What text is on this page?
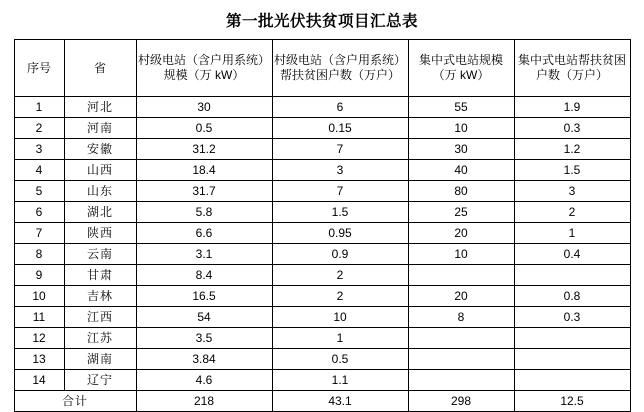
第一批光伏扶贫项目汇总表
序号	省	村级电站（含户用系统）规模（万 kW）	村级电站（含户用系统）帮扶贫困户数（万户）	集中式电站规模（万 kW）	集中式电站帮扶贫困户数（万户）
1	河北	30	6	55	1.9
2	河南	0.5	0.15	10	0.3
3	安徽	31.2	7	30	1.2
4	山西	18.4	3	40	1.5
5	山东	31.7	7	80	3
6	湖北	5.8	1.5	25	2
7	陕西	6.6	0.95	20	1
8	云南	3.1	0.9	10	0.4
9	甘肃	8.4	2		
10	吉林	16.5	2	20	0.8
11	江西	54	10	8	0.3
12	江苏	3.5	1		
13	湖南	3.84	0.5		
14	辽宁	4.6	1.1		
合计		218	43.1	298	12.5
